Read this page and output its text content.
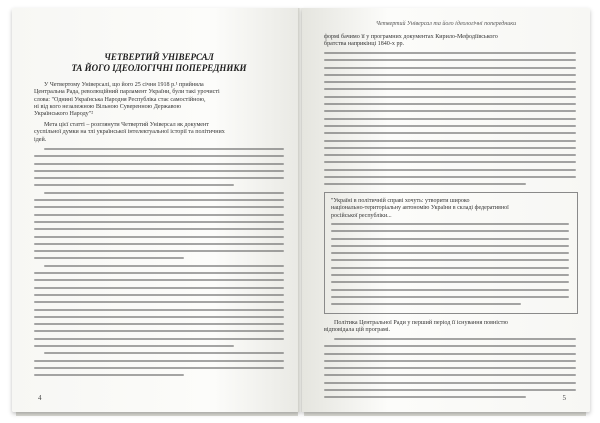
ЧЕТВЕРТИЙ УНІВЕРСАЛ
ТА ЙОГО ІДЕОЛОГІЧНІ ПОПЕРЕДНИКИ
У Четвертому Універсалі, що його 25 січня 1918 р.¹ прийняла
Центральна Рада, революційний парламент України, були такі урочисті
слова: "Однині Українська Народня Республіка стає самостійною,
ні від кого незалежною Вільною Суверенною Державою
Українського Народу"²
Мета цієї статті – розглянути Четвертий Універсал як документ
суспільної думки на тлі української інтелектуальної історії та політичних
ідей.
4
Четвертий Універсал та його ідеологічні попередники
формі бачимо її у програмних документах Кирило-Мефодіївського
братства наприкінці 1840-х рр.
"Україні в політичній справі хочуть: утворити широко
національно-територіальну автономію України в складі федеративної
російської республіки...
Політика Центральної Ради у перший період її існування повністю
відповідала цій програмі.
5
